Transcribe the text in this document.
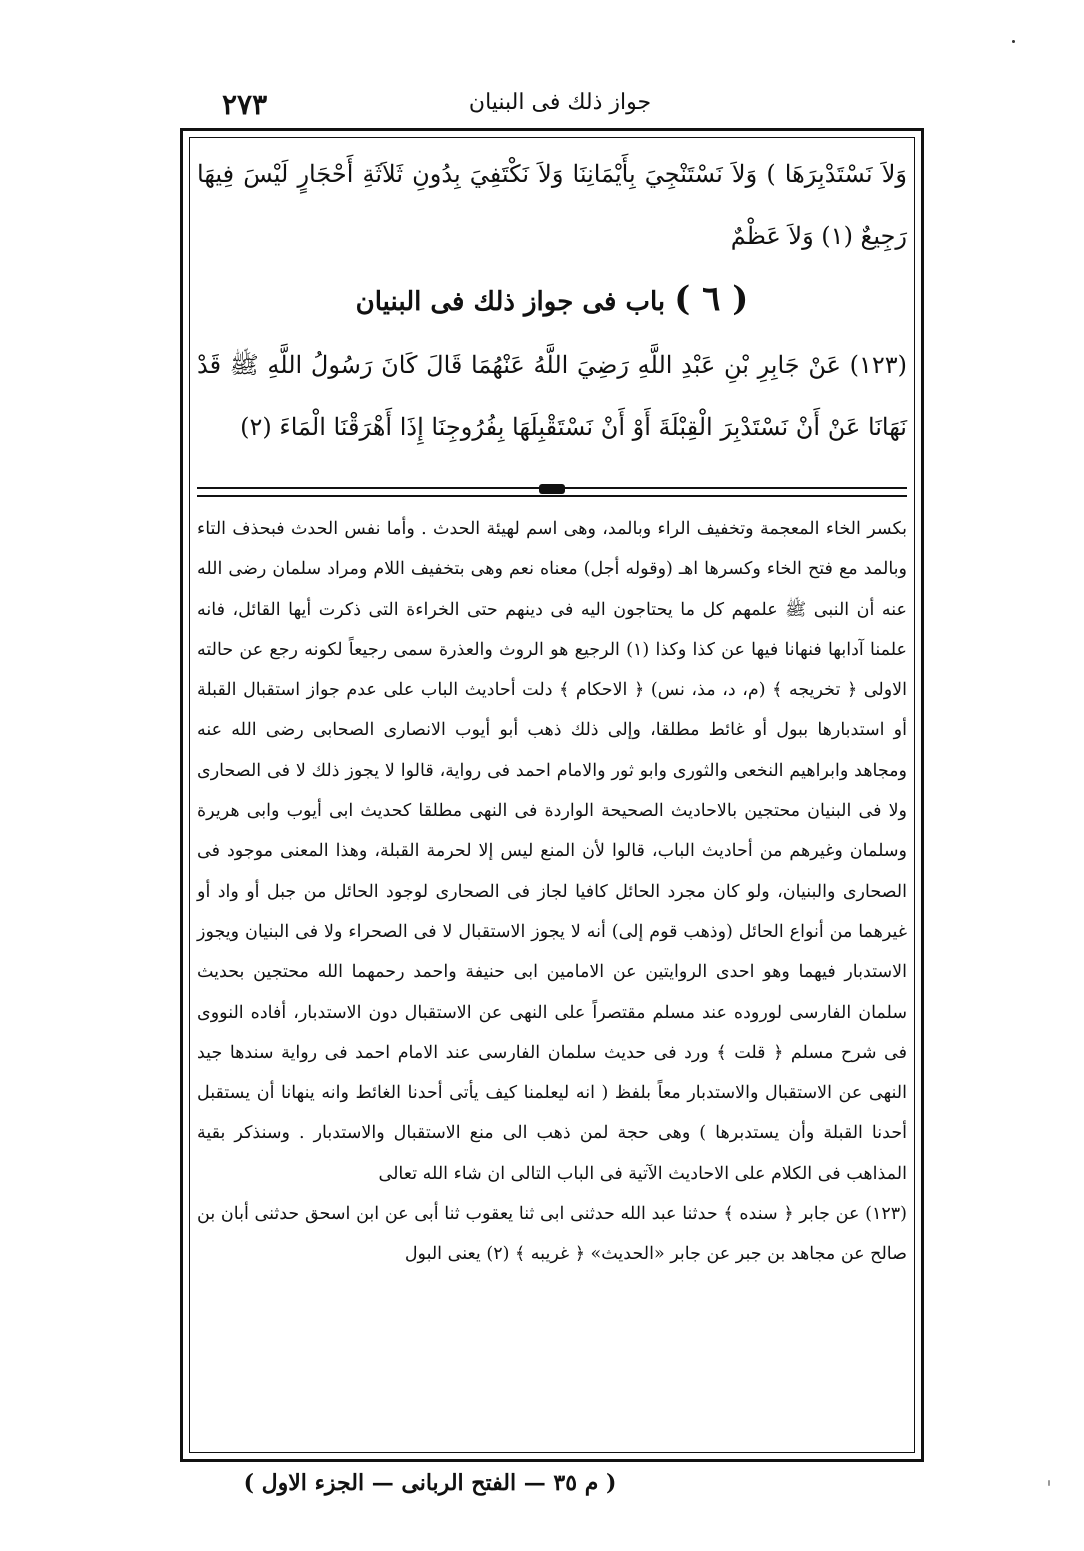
٢٧٣	جواز ذلك فى البنيان

وَلاَ نَسْتَدْبِرَهَا ) وَلاَ نَسْتَنْجِيَ بِأَيْمَانِنَا وَلاَ نَكْتَفِيَ بِدُونِ ثَلاَثَةِ أَحْجَارٍ لَيْسَ فِيهَا رَجِيعٌ (١) وَلاَ عَظْمٌ

( ٦ ) باب فى جواز ذلك فى البنيان

(١٢٣) عَنْ جَابِرِ بْنِ عَبْدِ اللَّهِ رَضِيَ اللَّهُ عَنْهُمَا قَالَ كَانَ رَسُولُ اللَّهِ ﷺ قَدْ نَهَانَا عَنْ أَنْ نَسْتَدْبِرَ الْقِبْلَةَ أَوْ أَنْ نَسْتَقْبِلَهَا بِفُرُوجِنَا إِذَا أَهْرَقْنَا الْمَاءَ (٢)

بكسر الخاء المعجمة وتخفيف الراء وبالمد، وهى اسم لهيئة الحدث . وأما نفس الحدث فبحذف التاء وبالمد مع فتح الخاء وكسرها اهـ (وقوله أجل) معناه نعم وهى بتخفيف اللام ومراد سلمان رضى الله عنه أن النبى ﷺ علمهم كل ما يحتاجون اليه فى دينهم حتى الخراءة التى ذكرت أيها القائل، فانه علمنا آدابها فنهانا فيها عن كذا وكذا (١) الرجيع هو الروث والعذرة سمى رجيعاً لكونه رجع عن حالته الاولى ﴿ تخريجه ﴾ (م، د، مذ، نس) ﴿ الاحكام ﴾ دلت أحاديث الباب على عدم جواز استقبال القبلة أو استدبارها ببول أو غائط مطلقا، وإلى ذلك ذهب أبو أيوب الانصارى الصحابى رضى الله عنه ومجاهد وابراهيم النخعى والثورى وابو ثور والامام احمد فى رواية، قالوا لا يجوز ذلك لا فى الصحارى ولا فى البنيان محتجين بالاحاديث الصحيحة الواردة فى النهى مطلقا كحديث ابى أيوب وابى هريرة وسلمان وغيرهم من أحاديث الباب، قالوا لأن المنع ليس إلا لحرمة القبلة، وهذا المعنى موجود فى الصحارى والبنيان، ولو كان مجرد الحائل كافيا لجاز فى الصحارى لوجود الحائل من جبل أو واد أو غيرهما من أنواع الحائل (وذهب قوم إلى) أنه لا يجوز الاستقبال لا فى الصحراء ولا فى البنيان ويجوز الاستدبار فيهما وهو احدى الروايتين عن الامامين ابى حنيفة واحمد رحمهما الله محتجين بحديث سلمان الفارسى لوروده عند مسلم مقتصراً على النهى عن الاستقبال دون الاستدبار، أفاده النووى فى شرح مسلم ﴿ قلت ﴾ ورد فى حديث سلمان الفارسى عند الامام احمد فى رواية سندها جيد النهى عن الاستقبال والاستدبار معاً بلفظ ( انه ليعلمنا كيف يأتى أحدنا الغائط وانه ينهانا أن يستقبل أحدنا القبلة وأن يستدبرها ) وهى حجة لمن ذهب الى منع الاستقبال والاستدبار . وسنذكر بقية المذاهب فى الكلام على الاحاديث الآتية فى الباب التالى ان شاء الله تعالى

(١٢٣) عن جابر ﴿ سنده ﴾ حدثنا عبد الله حدثنى ابى ثنا يعقوب ثنا أبى عن ابن اسحق حدثنى أبان بن صالح عن مجاهد بن جبر عن جابر «الحديث» ﴿ غريبه ﴾ (٢) يعنى البول

( م ٣٥ — الفتح الربانى — الجزء الاول )
